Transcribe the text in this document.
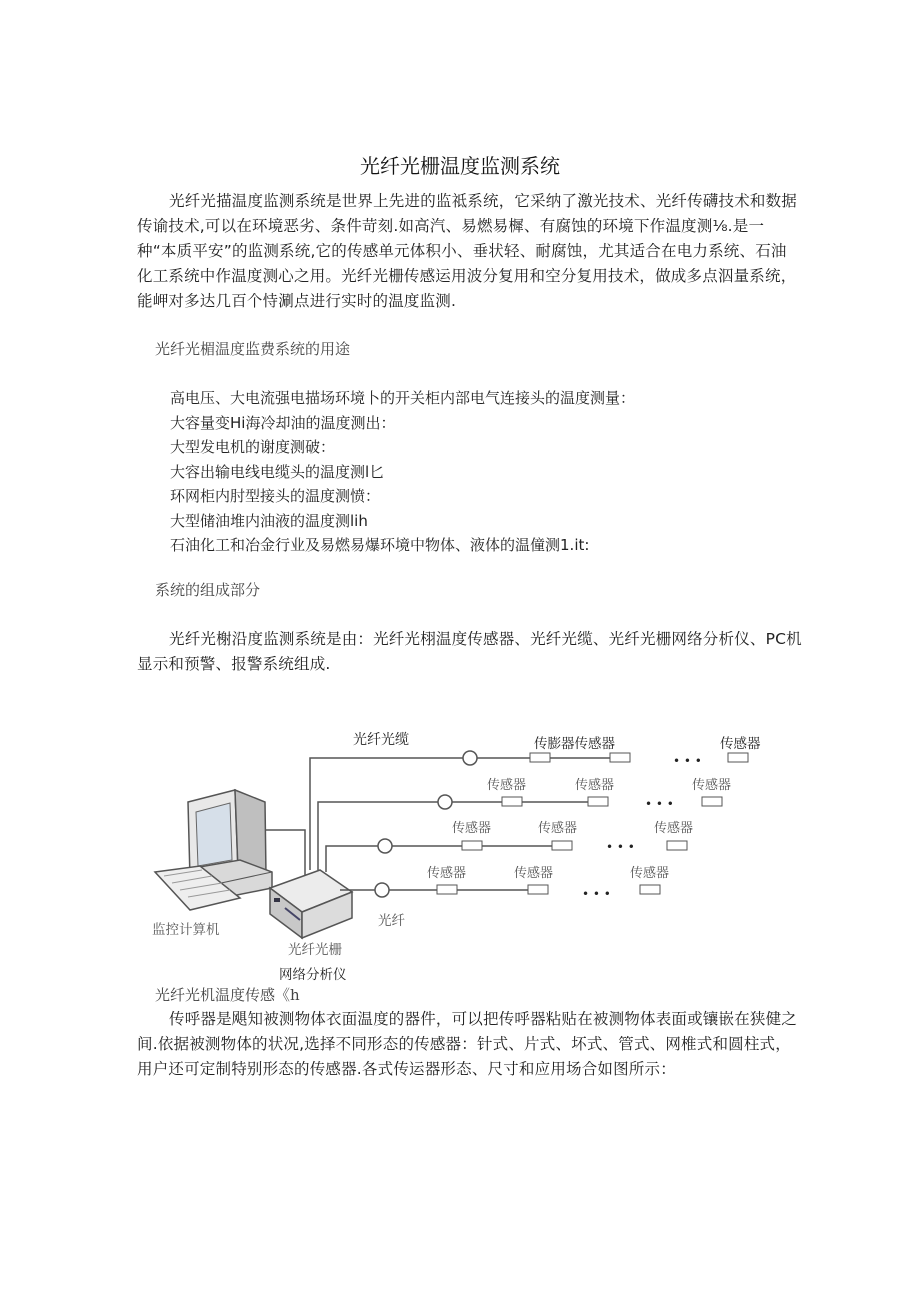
光纤光栅温度监测系统
光纤光描温度监测系统是世界上先进的监祗系统，它采纳了激光技术、光纤传礴技术和数据传谕技术,可以在环境恶劣、条件苛刻.如高汽、易燃易樨、有腐蚀的环境下作温度测⅛.是一种“本质平安”的监测系统,它的传感单元体积小、垂状轻、耐腐蚀，尤其适合在电力系统、石油化工系统中作温度测心之用。光纤光栅传感运用波分复用和空分复用技术，做成多点泅量系统，能岬对多达几百个恃涮点进行实时的温度监测.
光纤光楣温度监费系统的用途
高电压、大电流强电描场环境卜的开关柜内部电气连接头的温度测量：
大容量变Hi海冷却油的温度测出：
大型发电机的谢度测破：
大容出输电线电缆头的温度测l匕
环网柜内肘型接头的温度测愤：
大型储油堆内油液的温度测lih
石油化工和冶金行业及易燃易爆环境中物体、液体的温僮测1.it:
系统的组成部分
光纤光榭沿度监测系统是由：光纤光栩温度传感器、光纤光缆、光纤光栅网络分析仪、PC机显示和预警、报警系统组成.
光纤光缆	传膨器传感器	传感器
• • •
传感器	传感器	传感器
• • •
传感器	传感器	传感器
• • •
传感器	传感器	传感器
• • •
光纤
监控计算机
光纤光栅
网络分析仪
光纤光机温度传感《h
传呼器是飓知被测物体衣面温度的器件，可以把传呼器粘贴在被测物体表面或镶嵌在狭健之间.依据被测物体的状况,选择不同形态的传感器：针式、片式、坏式、管式、网椎式和圆柱式，用户还可定制特别形态的传感器.各式传运器形态、尺寸和应用场合如图所示：
